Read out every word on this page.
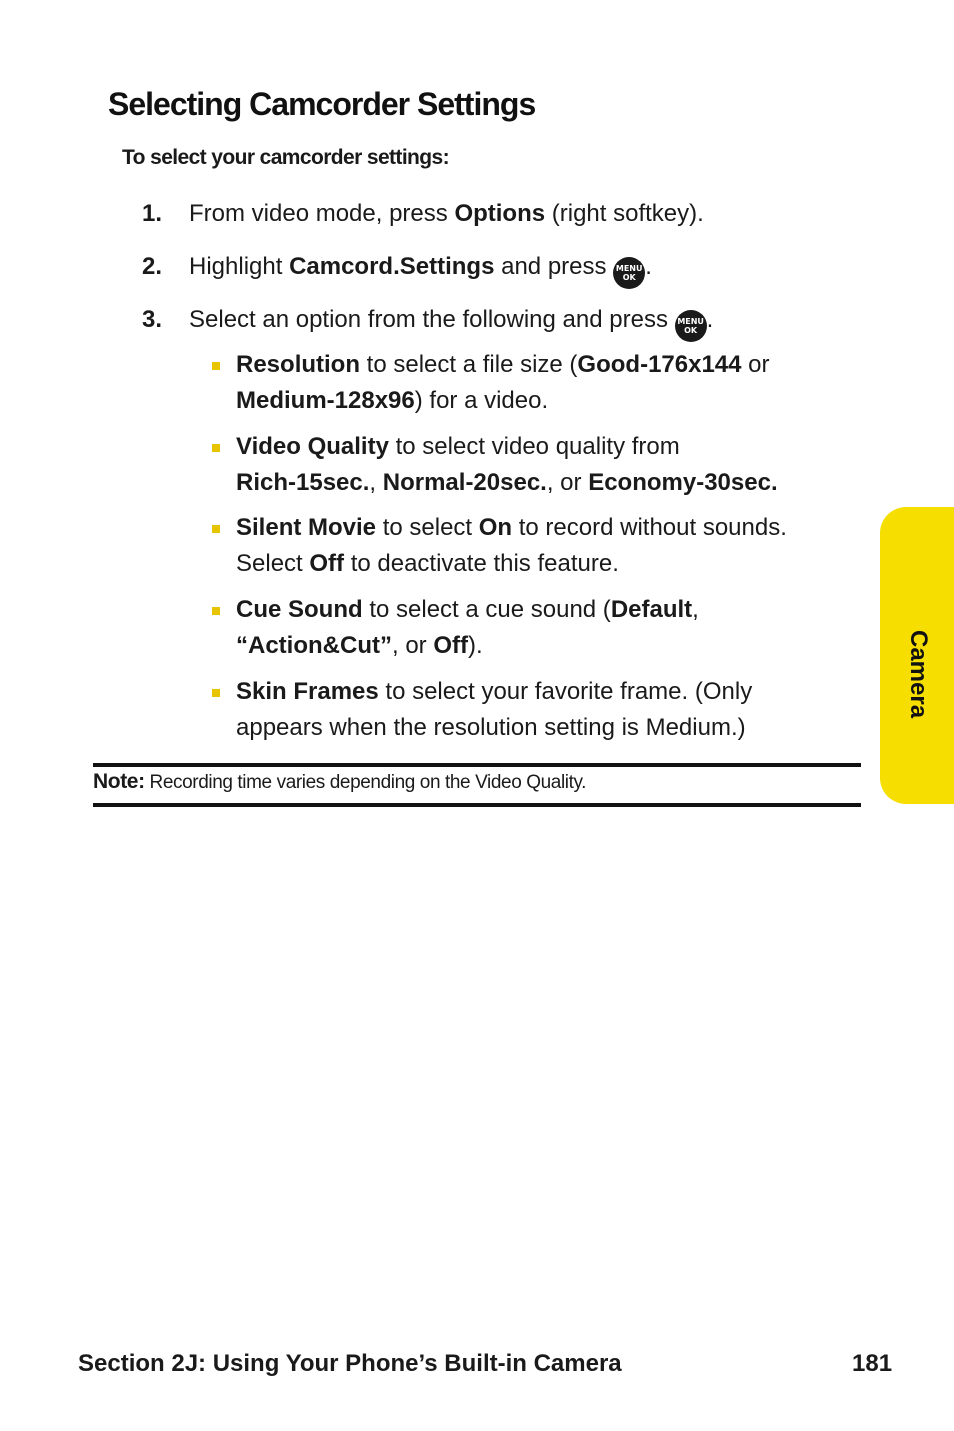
Selecting Camcorder Settings
To select your camcorder settings:
1. From video mode, press Options (right softkey).
2. Highlight Camcord.Settings and press MENU
OK .
3. Select an option from the following and press MENU
OK .
Resolution to select a file size (Good-176x144 or
Medium-128x96) for a video.
Video Quality to select video quality from
Rich-15sec., Normal-20sec., or Economy-30sec.
Silent Movie to select On to record without sounds.
Select Off to deactivate this feature.
Cue Sound to select a cue sound (Default,
“Action&Cut”, or Off).
Skin Frames to select your favorite frame. (Only
appears when the resolution setting is Medium.)
Note: Recording time varies depending on the Video Quality.
Camera
Section 2J: Using Your Phone’s Built-in Camera	181
